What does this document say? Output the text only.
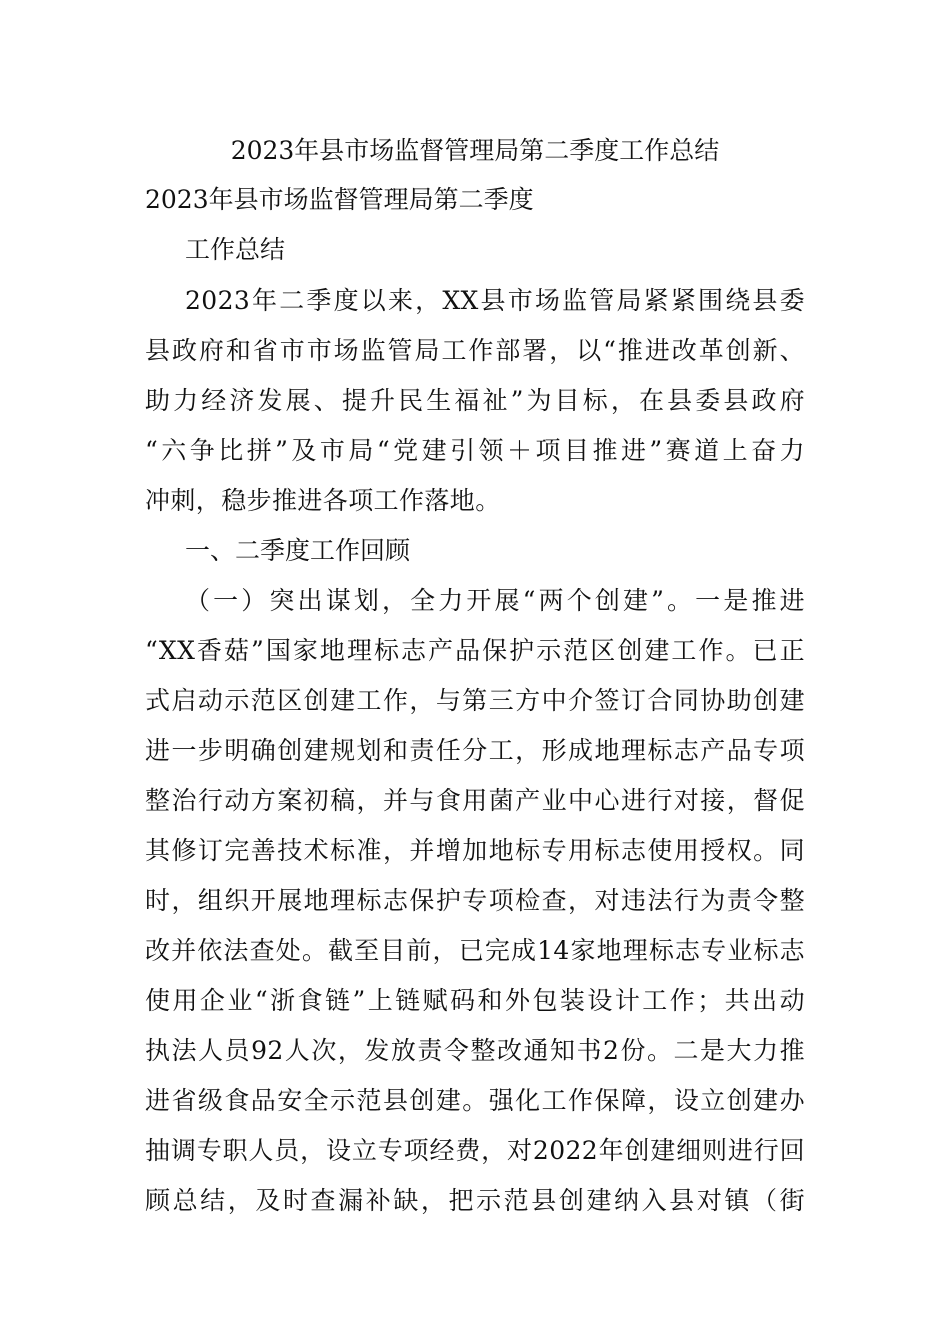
2023年县市场监督管理局第二季度工作总结

2023年县市场监督管理局第二季度

工作总结

2023年二季度以来，XX县市场监管局紧紧围绕县委

县政府和省市市场监管局工作部署，以“推进改革创新、

助力经济发展、提升民生福祉”为目标，在县委县政府

“六争比拼”及市局“党建引领＋项目推进”赛道上奋力

冲刺，稳步推进各项工作落地。

一、二季度工作回顾

（一）突出谋划，全力开展“两个创建”。一是推进

“XX香菇”国家地理标志产品保护示范区创建工作。已正

式启动示范区创建工作，与第三方中介签订合同协助创建

进一步明确创建规划和责任分工，形成地理标志产品专项

整治行动方案初稿，并与食用菌产业中心进行对接，督促

其修订完善技术标准，并增加地标专用标志使用授权。同

时，组织开展地理标志保护专项检查，对违法行为责令整

改并依法查处。截至目前，已完成14家地理标志专业标志

使用企业“浙食链”上链赋码和外包装设计工作；共出动

执法人员92人次，发放责令整改通知书2份。二是大力推

进省级食品安全示范县创建。强化工作保障，设立创建办

抽调专职人员，设立专项经费，对2022年创建细则进行回

顾总结，及时查漏补缺，把示范县创建纳入县对镇（街
